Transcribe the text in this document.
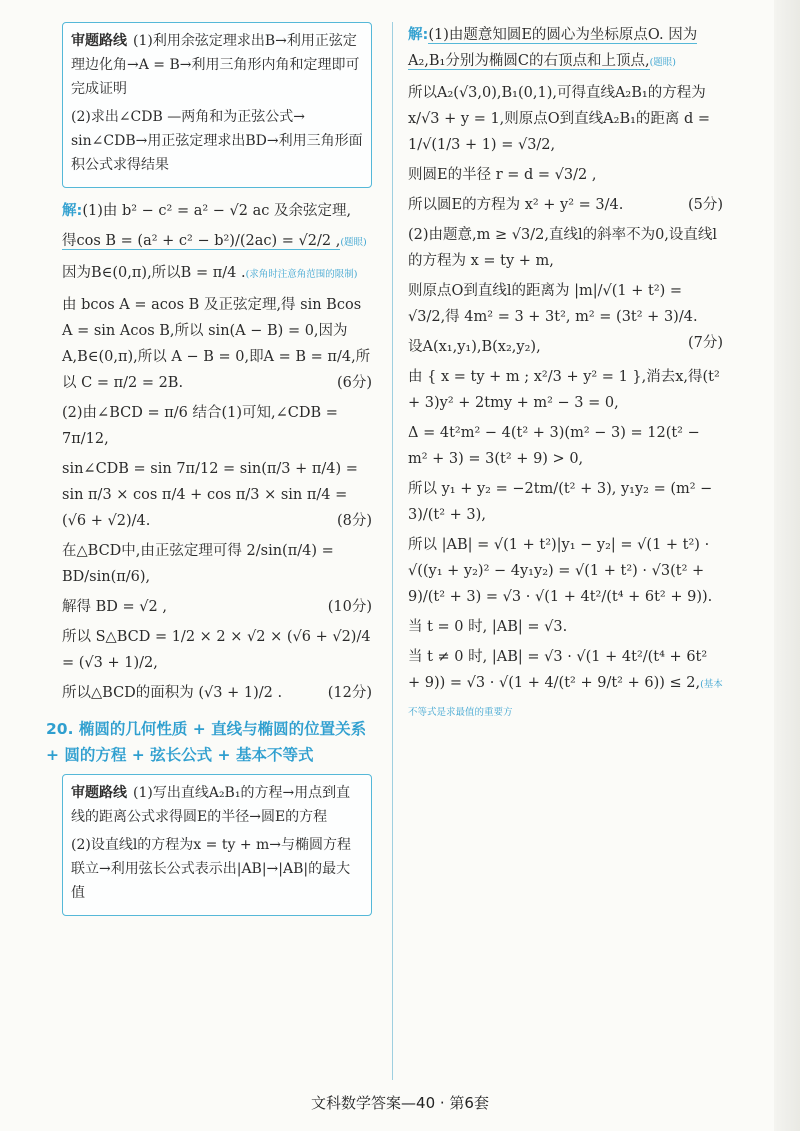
审题路线 (1)利用余弦定理求出B→利用正弦定理边化角→A = B→利用三角形内角和定理即可完成证明

(2)求出∠CDB —两角和为正弦公式→ sin∠CDB→用正弦定理求出BD→利用三角形面积公式求得结果

解:(1)由 b² − c² = a² − √2 ac 及余弦定理,

得cos B = (a² + c² − b²)/(2ac) = √2/2 ,(题眼)

因为B∈(0,π),所以B = π/4 .(求角时注意角范围的限制)

由 bcos A = acos B 及正弦定理,得 sin Bcos A = sin Acos B,所以 sin(A − B) = 0,因为A,B∈(0,π),所以 A − B = 0,即A = B = π/4,所以 C = π/2 = 2B.	(6分)

(2)由∠BCD = π/6 结合(1)可知,∠CDB = 7π/12,

sin∠CDB = sin 7π/12 = sin(π/3 + π/4) = sin π/3 × cos π/4 + cos π/3 × sin π/4 = (√6 + √2)/4.	(8分)

在△BCD中,由正弦定理可得 2/sin(π/4) = BD/sin(π/6),

解得 BD = √2 ,	(10分)

所以 S△BCD = 1/2 × 2 × √2 × (√6 + √2)/4 = (√3 + 1)/2,

所以△BCD的面积为 (√3 + 1)/2 .	(12分)

20. 椭圆的几何性质 + 直线与椭圆的位置关系 + 圆的方程 + 弦长公式 + 基本不等式

审题路线 (1)写出直线A₂B₁的方程→用点到直线的距离公式求得圆E的半径→圆E的方程

(2)设直线l的方程为x = ty + m→与椭圆方程联立→利用弦长公式表示出|AB|→|AB|的最大值

解:(1)由题意知圆E的圆心为坐标原点O. 因为A₂,B₁分别为椭圆C的右顶点和上顶点,(题眼)

所以A₂(√3,0),B₁(0,1),可得直线A₂B₁的方程为 x/√3 + y = 1,则原点O到直线A₂B₁的距离 d = 1/√(1/3 + 1) = √3/2,

则圆E的半径 r = d = √3/2 ,

所以圆E的方程为 x² + y² = 3/4.	(5分)

(2)由题意,m ≥ √3/2,直线l的斜率不为0,设直线l的方程为 x = ty + m,

则原点O到直线l的距离为 |m|/√(1 + t²) = √3/2,得 4m² = 3 + 3t², m² = (3t² + 3)/4.
(7分)

设A(x₁,y₁),B(x₂,y₂),

由 { x = ty + m ; x²/3 + y² = 1 },消去x,得(t² + 3)y² + 2tmy + m² − 3 = 0,

Δ = 4t²m² − 4(t² + 3)(m² − 3) = 12(t² − m² + 3) = 3(t² + 9) > 0,

所以 y₁ + y₂ = −2tm/(t² + 3), y₁y₂ = (m² − 3)/(t² + 3),

所以 |AB| = √(1 + t²)|y₁ − y₂| = √(1 + t²) · √((y₁ + y₂)² − 4y₁y₂) = √(1 + t²) · √3(t² + 9)/(t² + 3) = √3 · √(1 + 4t²/(t⁴ + 6t² + 9)).

当 t = 0 时, |AB| = √3.

当 t ≠ 0 时, |AB| = √3 · √(1 + 4t²/(t⁴ + 6t² + 9)) = √3 · √(1 + 4/(t² + 9/t² + 6)) ≤ 2,(基本不等式是求最值的重要方

文科数学答案—40 · 第6套
